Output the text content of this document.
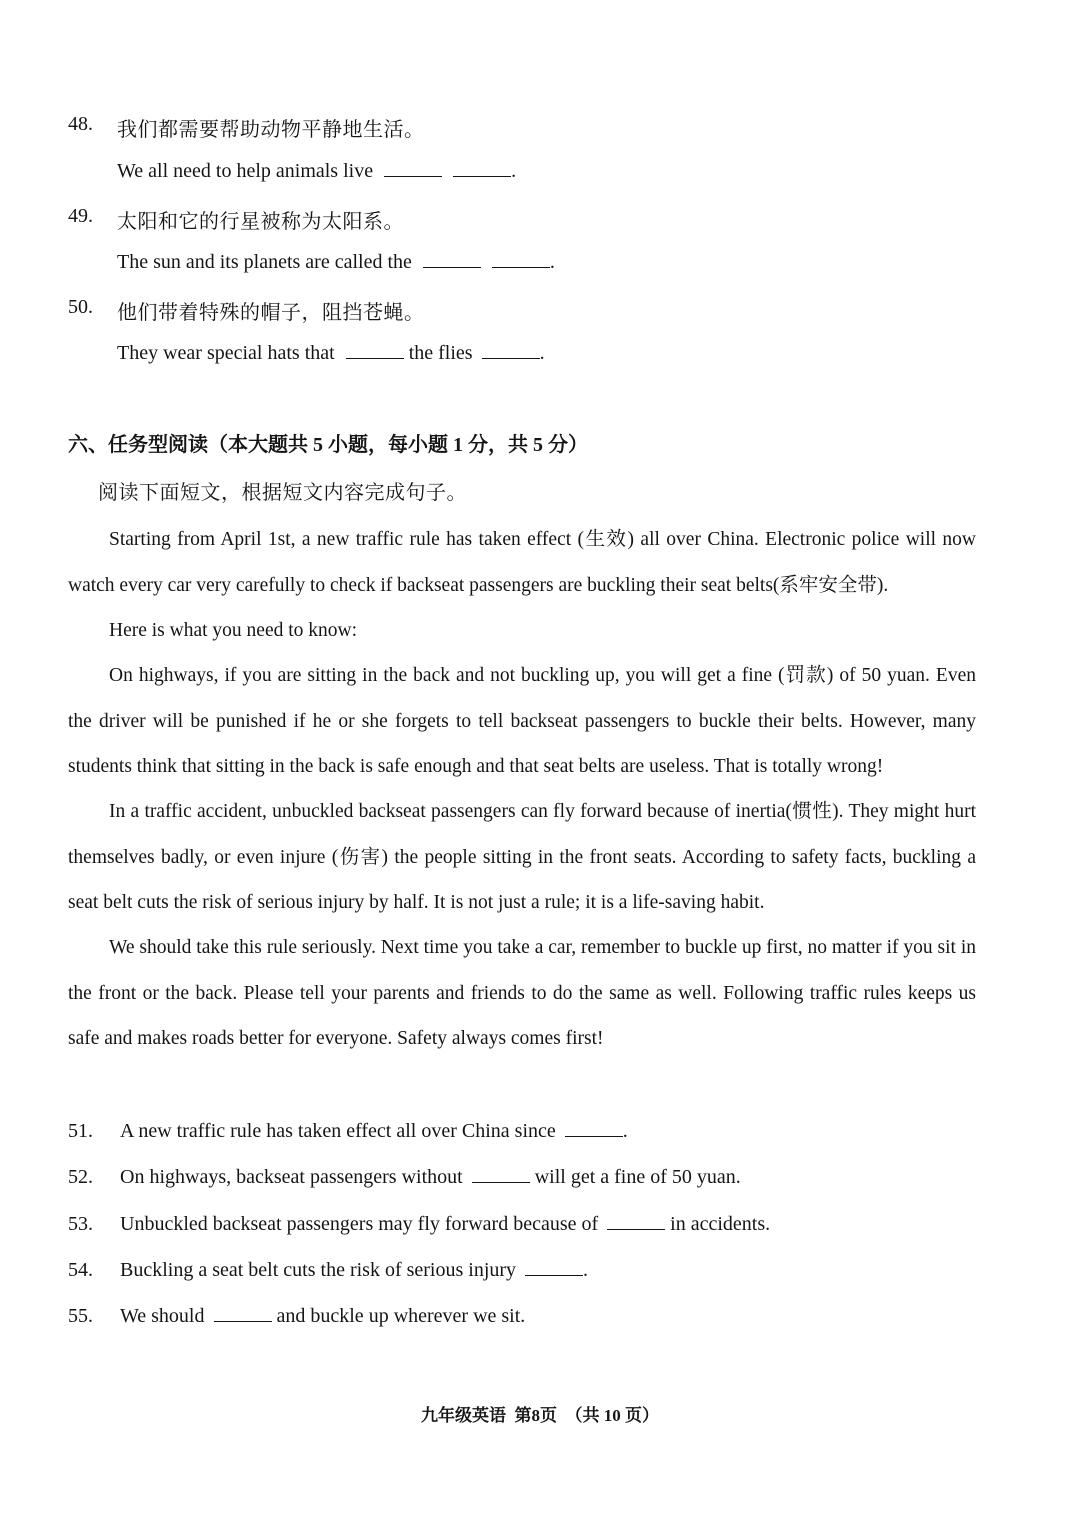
48. 我们都需要帮助动物平静地生活。
We all need to help animals live	.
49. 太阳和它的行星被称为太阳系。
The sun and its planets are called the	.
50. 他们带着特殊的帽子，阻挡苍蝇。
They wear special hats that	the flies	.
六、任务型阅读（本大题共 5 小题，每小题 1 分，共 5 分）
阅读下面短文，根据短文内容完成句子。
Starting from April 1st, a new traffic rule has taken effect (生效) all over China. Electronic police will now watch every car very carefully to check if backseat passengers are buckling their seat belts(系牢安全带).
Here is what you need to know:
On highways, if you are sitting in the back and not buckling up, you will get a fine (罚款) of 50 yuan. Even the driver will be punished if he or she forgets to tell backseat passengers to buckle their belts. However, many students think that sitting in the back is safe enough and that seat belts are useless. That is totally wrong!
In a traffic accident, unbuckled backseat passengers can fly forward because of inertia(惯性). They might hurt themselves badly, or even injure (伤害) the people sitting in the front seats. According to safety facts, buckling a seat belt cuts the risk of serious injury by half. It is not just a rule; it is a life-saving habit.
We should take this rule seriously. Next time you take a car, remember to buckle up first, no matter if you sit in the front or the back. Please tell your parents and friends to do the same as well. Following traffic rules keeps us safe and makes roads better for everyone. Safety always comes first!
51. A new traffic rule has taken effect all over China since	.
52. On highways, backseat passengers without	will get a fine of 50 yuan.
53. Unbuckled backseat passengers may fly forward because of	in accidents.
54. Buckling a seat belt cuts the risk of serious injury	.
55. We should	and buckle up wherever we sit.
九年级英语  第8页  （共 10 页）
